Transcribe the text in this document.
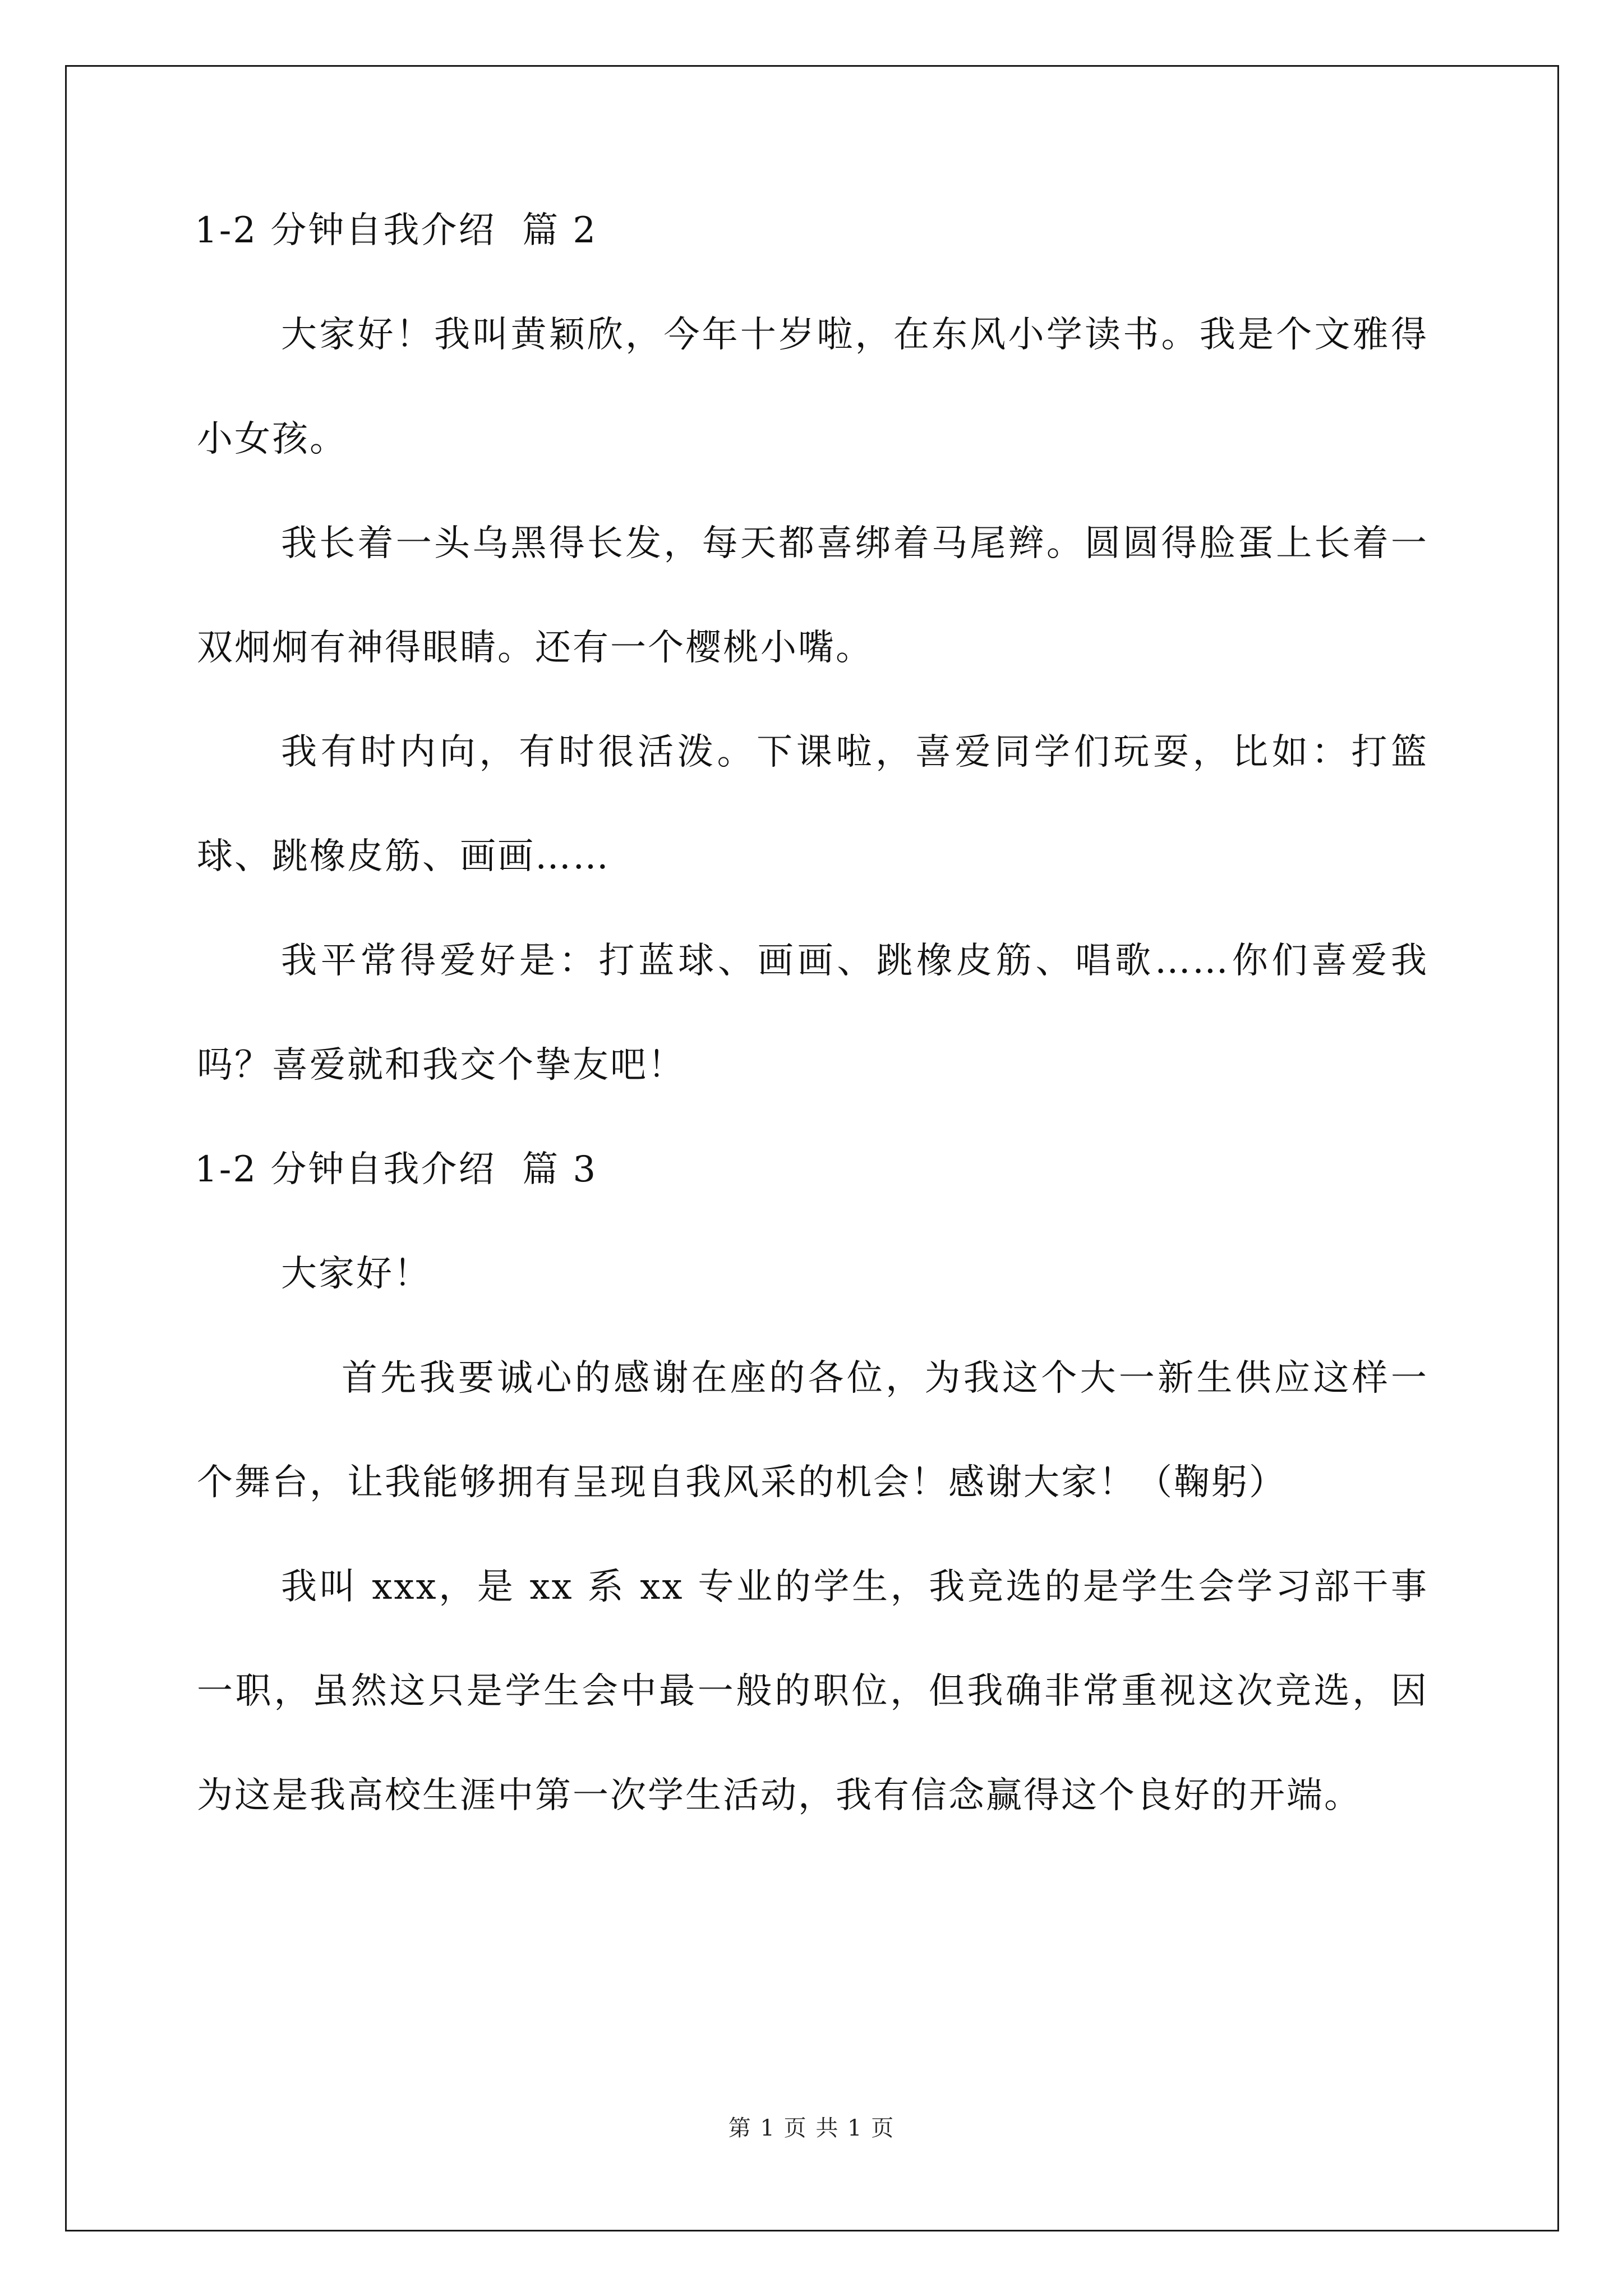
1-2 分钟自我介绍  篇 2

大家好！我叫黄颖欣，今年十岁啦，在东风小学读书。我是个文雅得小女孩。

我长着一头乌黑得长发，每天都喜绑着马尾辫。圆圆得脸蛋上长着一双炯炯有神得眼睛。还有一个樱桃小嘴。

我有时内向，有时很活泼。下课啦，喜爱同学们玩耍，比如：打篮球、跳橡皮筋、画画……

我平常得爱好是：打蓝球、画画、跳橡皮筋、唱歌……你们喜爱我吗？喜爱就和我交个挚友吧！

1-2 分钟自我介绍  篇 3

大家好！

首先我要诚心的感谢在座的各位，为我这个大一新生供应这样一个舞台，让我能够拥有呈现自我风采的机会！感谢大家！（鞠躬）

我叫 xxx，是 xx 系 xx 专业的学生，我竞选的是学生会学习部干事一职，虽然这只是学生会中最一般的职位，但我确非常重视这次竞选，因为这是我高校生涯中第一次学生活动，我有信念赢得这个良好的开端。

第 1 页 共 1 页
